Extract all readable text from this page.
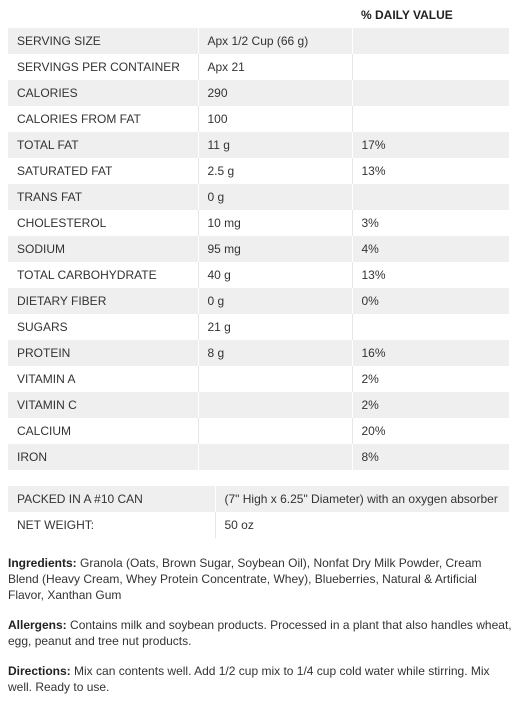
% DAILY VALUE
SERVING SIZE	Apx 1/2 Cup (66 g)	
SERVINGS PER CONTAINER	Apx 21	
CALORIES	290	
CALORIES FROM FAT	100	
TOTAL FAT	11 g	17%
SATURATED FAT	2.5 g	13%
TRANS FAT	0 g	
CHOLESTEROL	10 mg	3%
SODIUM	95 mg	4%
TOTAL CARBOHYDRATE	40 g	13%
DIETARY FIBER	0 g	0%
SUGARS	21 g	
PROTEIN	8 g	16%
VITAMIN A		2%
VITAMIN C		2%
CALCIUM		20%
IRON		8%
PACKED IN A #10 CAN	(7" High x 6.25" Diameter) with an oxygen absorber
NET WEIGHT:	50 oz
Ingredients: Granola (Oats, Brown Sugar, Soybean Oil), Nonfat Dry Milk Powder, Cream Blend (Heavy Cream, Whey Protein Concentrate, Whey), Blueberries, Natural & Artificial Flavor, Xanthan Gum
Allergens: Contains milk and soybean products. Processed in a plant that also handles wheat, egg, peanut and tree nut products.
Directions: Mix can contents well. Add 1/2 cup mix to 1/4 cup cold water while stirring. Mix well. Ready to use.
